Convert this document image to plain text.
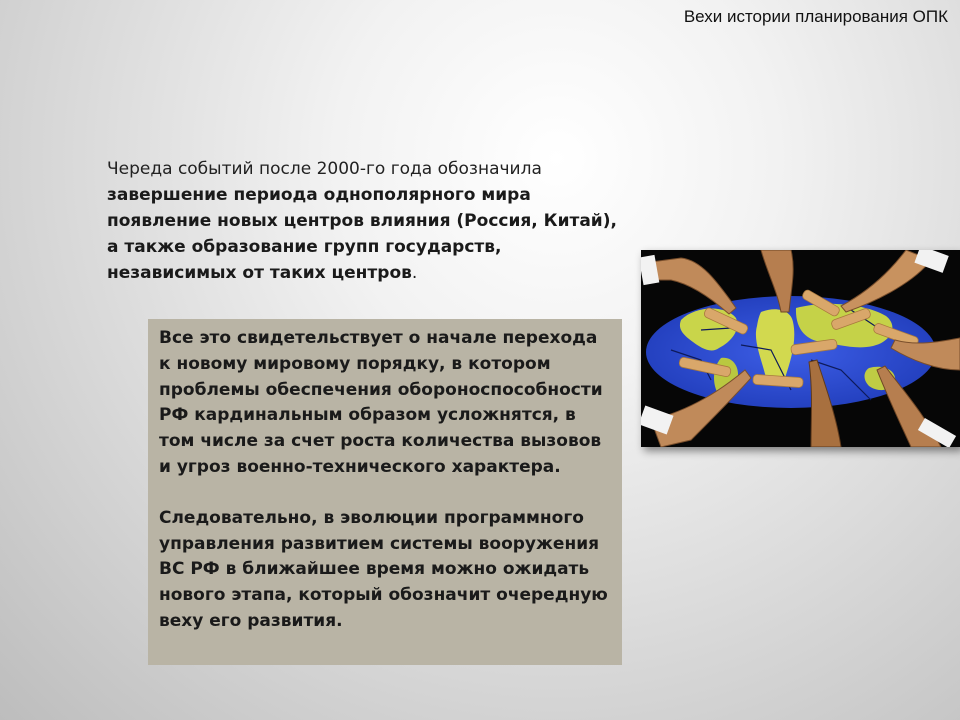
Вехи истории планирования ОПК
Череда событий после 2000-го года обозначила
завершение периода однополярного мира
появление новых центров влияния (Россия, Китай),
а также образование групп государств,
независимых от таких центров.

Все это свидетельствует о начале перехода к новому мировому порядку, в котором проблемы обеспечения обороноспособности РФ кардинальным образом усложнятся, в том числе за счет роста количества вызовов и угроз военно-технического характера.

Следовательно, в эволюции программного управления развитием системы вооружения ВС РФ в ближайшее время можно ожидать нового этапа, который обозначит очередную веху его развития.
